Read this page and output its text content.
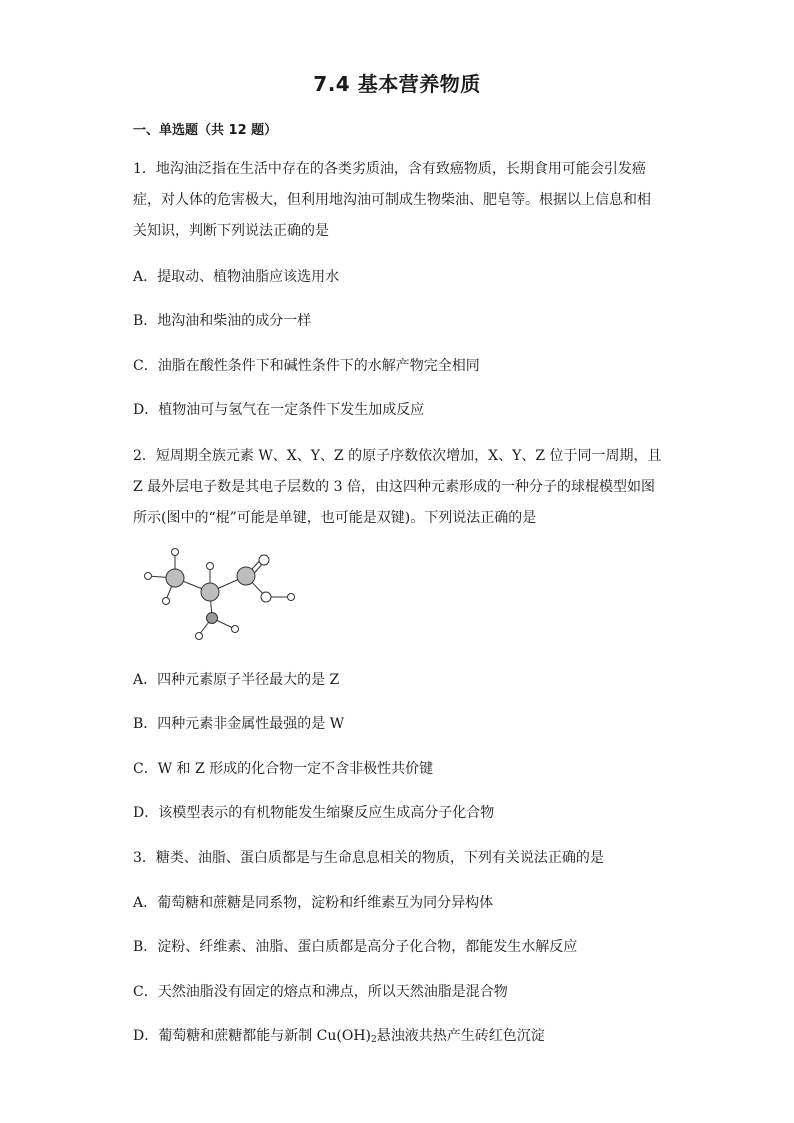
7.4 基本营养物质
一、单选题（共 12 题）
1．地沟油泛指在生活中存在的各类劣质油，含有致癌物质，长期食用可能会引发癌
症，对人体的危害极大，但利用地沟油可制成生物柴油、肥皂等。根据以上信息和相
关知识，判断下列说法正确的是
A．提取动、植物油脂应该选用水
B．地沟油和柴油的成分一样
C．油脂在酸性条件下和碱性条件下的水解产物完全相同
D．植物油可与氢气在一定条件下发生加成反应
2．短周期全族元素 W、X、Y、Z 的原子序数依次增加，X、Y、Z 位于同一周期，且
Z 最外层电子数是其电子层数的 3 倍，由这四种元素形成的一种分子的球棍模型如图
所示(图中的“棍”可能是单键，也可能是双键)。下列说法正确的是
A．四种元素原子半径最大的是 Z
B．四种元素非金属性最强的是 W
C．W 和 Z 形成的化合物一定不含非极性共价键
D．该模型表示的有机物能发生缩聚反应生成高分子化合物
3．糖类、油脂、蛋白质都是与生命息息相关的物质，下列有关说法正确的是
A．葡萄糖和蔗糖是同系物，淀粉和纤维素互为同分异构体
B．淀粉、纤维素、油脂、蛋白质都是高分子化合物，都能发生水解反应
C．天然油脂没有固定的熔点和沸点，所以天然油脂是混合物
D．葡萄糖和蔗糖都能与新制 $Cu(OH)_2$悬浊液共热产生砖红色沉淀
